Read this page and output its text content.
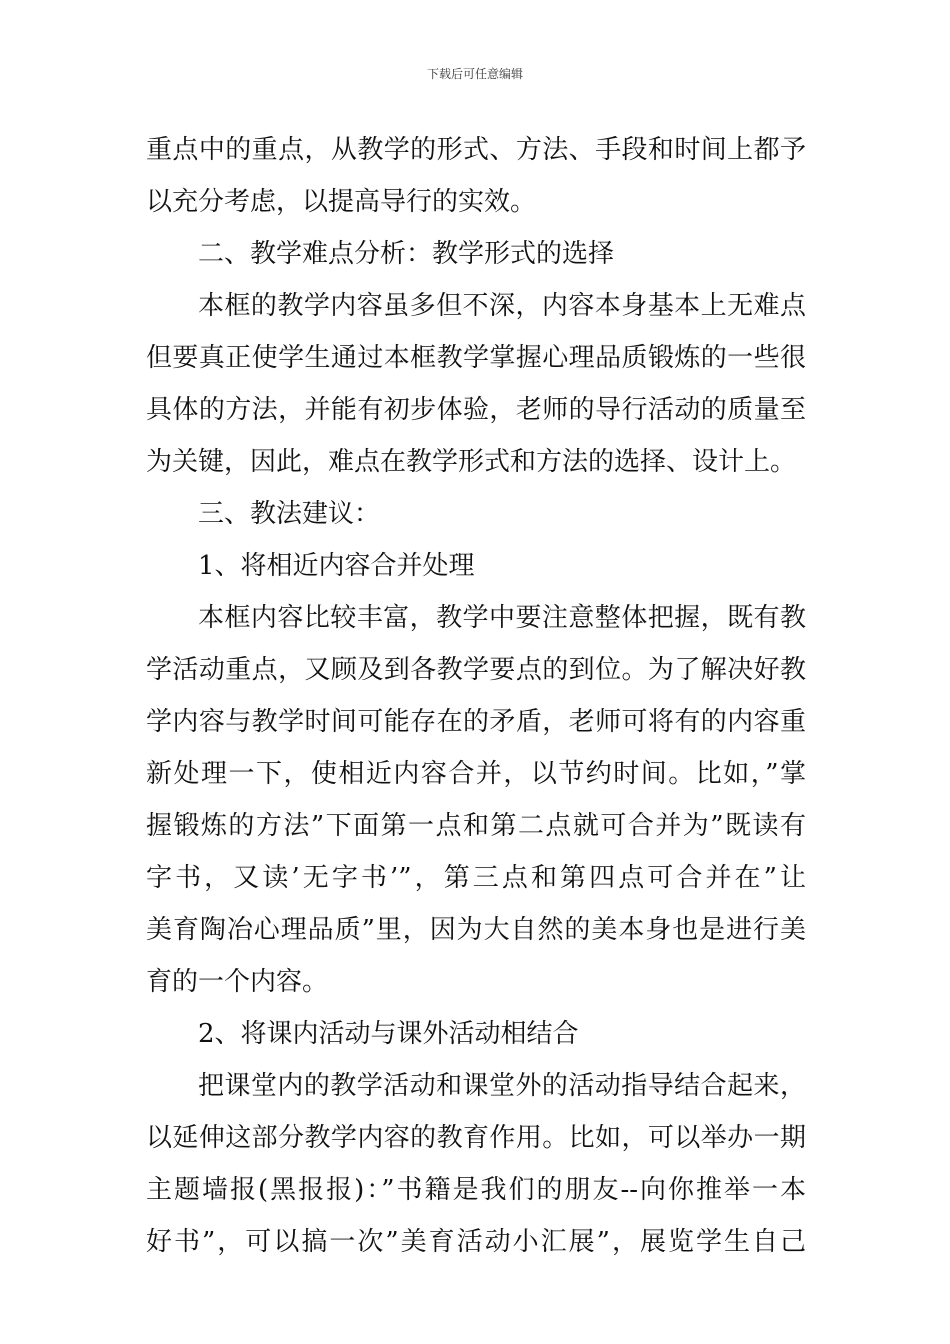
下载后可任意编辑
重点中的重点，从教学的形式、方法、手段和时间上都予
以充分考虑，以提高导行的实效。
二、教学难点分析：教学形式的选择
本框的教学内容虽多但不深，内容本身基本上无难点
但要真正使学生通过本框教学掌握心理品质锻炼的一些很
具体的方法，并能有初步体验，老师的导行活动的质量至
为关键，因此，难点在教学形式和方法的选择、设计上。
三、教法建议：
1、将相近内容合并处理
本框内容比较丰富，教学中要注意整体把握，既有教
学活动重点，又顾及到各教学要点的到位。为了解决好教
学内容与教学时间可能存在的矛盾，老师可将有的内容重
新处理一下，使相近内容合并，以节约时间。比如，”掌
握锻炼的方法”下面第一点和第二点就可合并为”既读有
字书，又读’无字书’”，第三点和第四点可合并在”让
美育陶冶心理品质”里，因为大自然的美本身也是进行美
育的一个内容。
2、将课内活动与课外活动相结合
把课堂内的教学活动和课堂外的活动指导结合起来，
以延伸这部分教学内容的教育作用。比如，可以举办一期
主题墙报(黑报报)：”书籍是我们的朋友--向你推举一本
好书”，可以搞一次”美育活动小汇展”，展览学生自己
